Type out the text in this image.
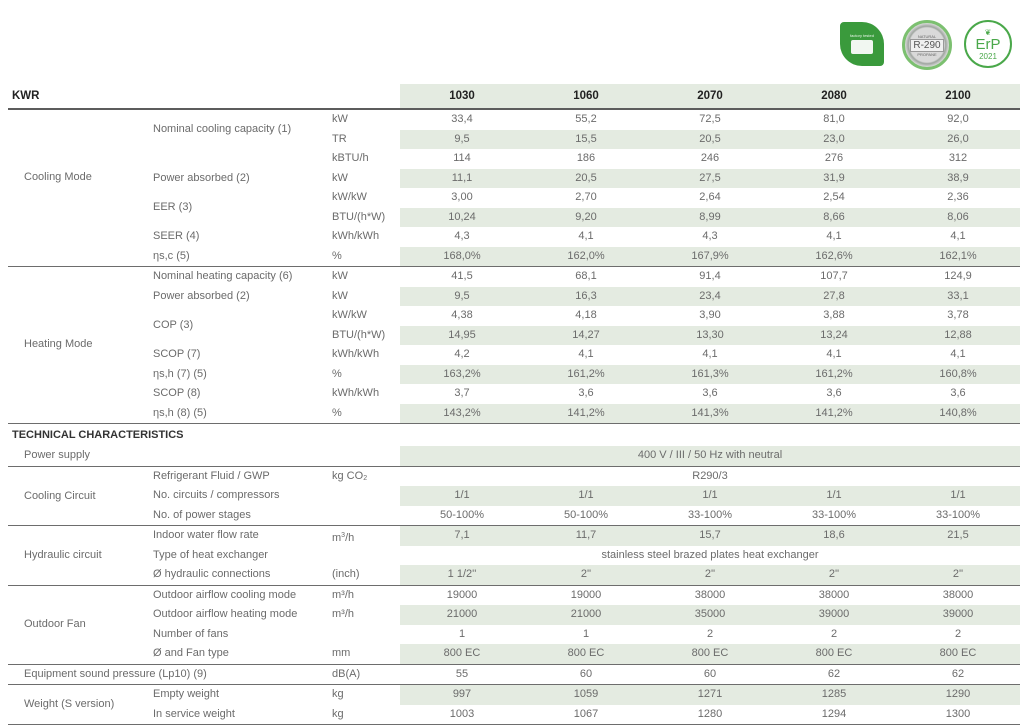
factory tested	NATURAL
R-290
PROPANE
❦
ErP
2021
KWR	1030	1060	2070	2080	2100
Cooling Mode
Nominal cooling capacity (1)
kW	33,4	55,2	72,5	81,0	92,0
TR	9,5	15,5	20,5	23,0	26,0
kBTU/h	114	186	246	276	312
Power absorbed (2)	kW	11,1	20,5	27,5	31,9	38,9
EER (3)
kW/kW	3,00	2,70	2,64	2,54	2,36
BTU/(h*W)	10,24	9,20	8,99	8,66	8,06
SEER (4)	kWh/kWh	4,3	4,1	4,3	4,1	4,1
ηs,c (5)	%	168,0%	162,0%	167,9%	162,6%	162,1%
Heating Mode
Nominal heating capacity (6)	kW	41,5	68,1	91,4	107,7	124,9
Power absorbed (2)	kW	9,5	16,3	23,4	27,8	33,1
COP (3)
kW/kW	4,38	4,18	3,90	3,88	3,78
BTU/(h*W)	14,95	14,27	13,30	13,24	12,88
SCOP (7)	kWh/kWh	4,2	4,1	4,1	4,1	4,1
ηs,h (7) (5)	%	163,2%	161,2%	161,3%	161,2%	160,8%
SCOP (8)	kWh/kWh	3,7	3,6	3,6	3,6	3,6
ηs,h (8) (5)	%	143,2%	141,2%	141,3%	141,2%	140,8%
TECHNICAL CHARACTERISTICS
Power supply	400 V / III / 50 Hz with neutral
Cooling Circuit
Refrigerant Fluid / GWP	kg $CO_2$	R290/3
No. circuits / compressors	1/1	1/1	1/1	1/1	1/1
No. of power stages	50-100%	50-100%	33-100%	33-100%	33-100%
Hydraulic circuit
Indoor water flow rate	$m^3/h$	7,1	11,7	15,7	18,6	21,5
Type of heat exchanger	stainless steel brazed plates heat exchanger
Ø hydraulic connections	(inch)	1 1/2''	2''	2''	2''	2''
Outdoor Fan
Outdoor airflow cooling mode	m³/h	19000	19000	38000	38000	38000
Outdoor airflow heating mode	m³/h	21000	21000	35000	39000	39000
Number of fans	1	1	2	2	2
Ø and Fan type	mm	800 EC	800 EC	800 EC	800 EC	800 EC
Equipment sound pressure (Lp10) (9)	dB(A)	55	60	60	62	62
Weight (S version)
Empty weight	kg	997	1059	1271	1285	1290
In service weight	kg	1003	1067	1280	1294	1300
